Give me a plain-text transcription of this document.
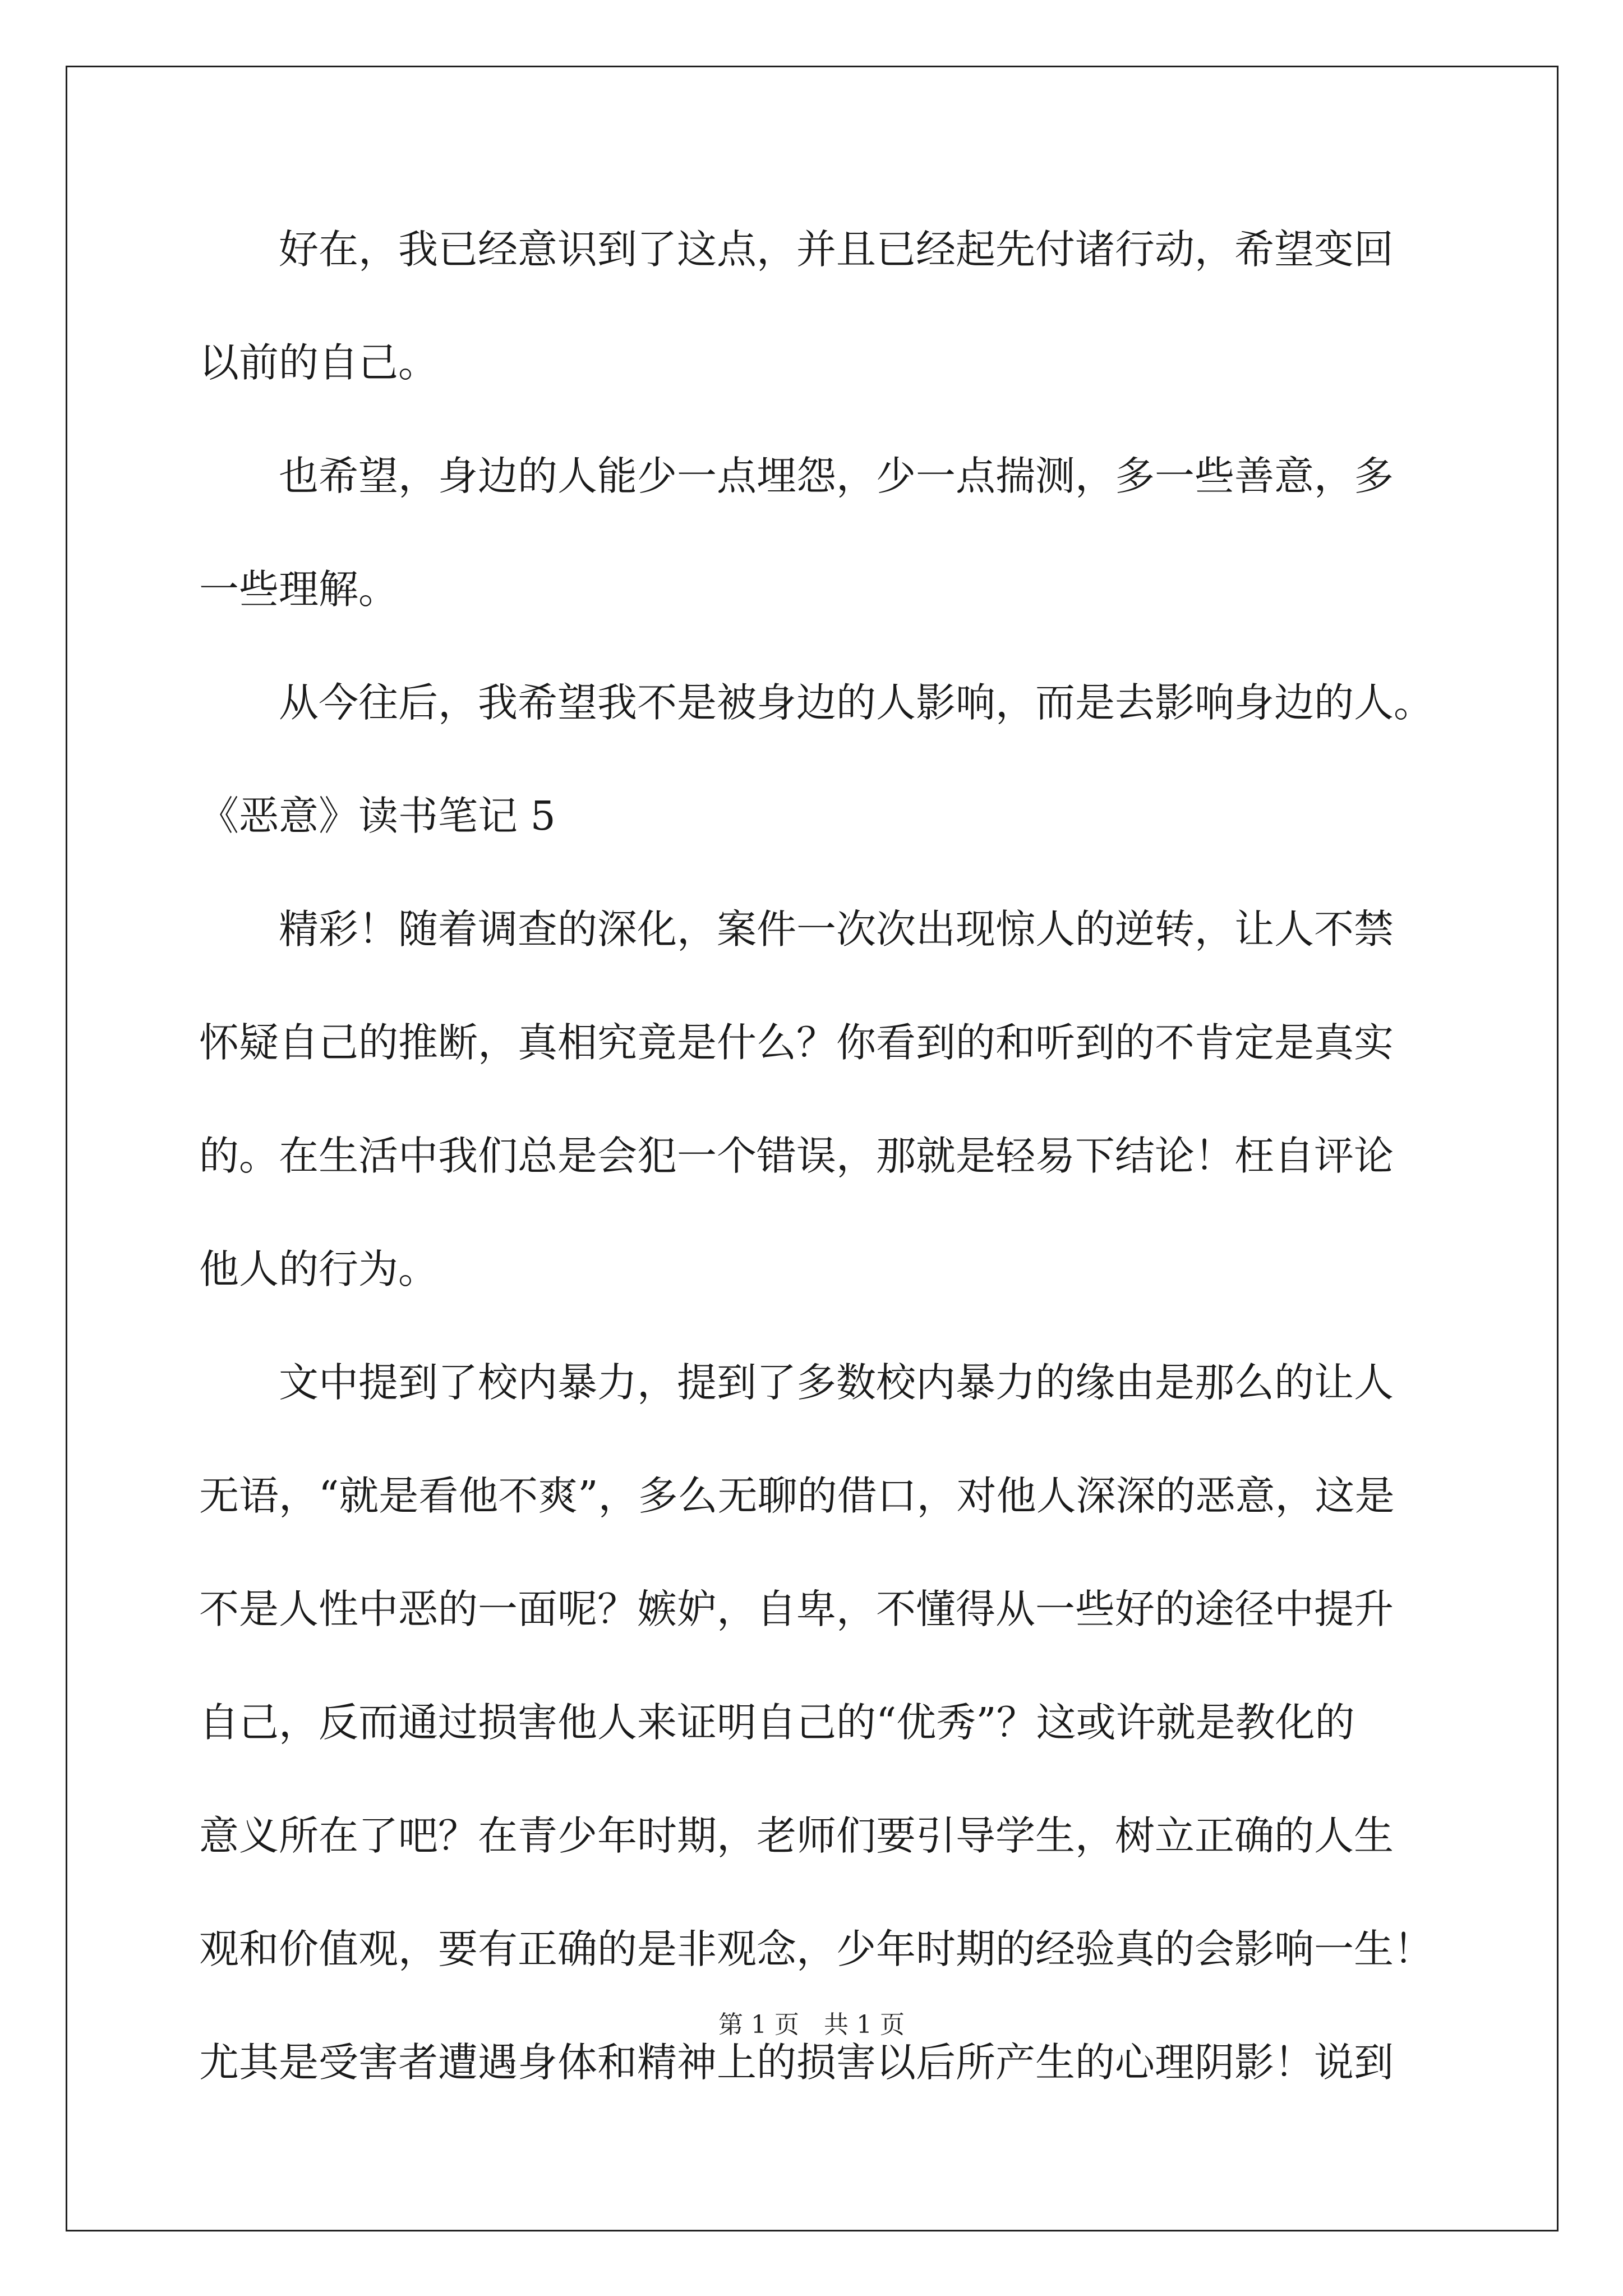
好在，我已经意识到了这点，并且已经起先付诸行动，希望变回
以前的自己。
也希望，身边的人能少一点埋怨，少一点揣测，多一些善意，多
一些理解。
从今往后，我希望我不是被身边的人影响，而是去影响身边的人。
《恶意》读书笔记 5
精彩！随着调查的深化，案件一次次出现惊人的逆转，让人不禁
怀疑自己的推断，真相究竟是什么？你看到的和听到的不肯定是真实
的。在生活中我们总是会犯一个错误，那就是轻易下结论！枉自评论
他人的行为。
文中提到了校内暴力，提到了多数校内暴力的缘由是那么的让人
无语，“就是看他不爽”，多么无聊的借口，对他人深深的恶意，这是
不是人性中恶的一面呢？嫉妒，自卑，不懂得从一些好的途径中提升
自己，反而通过损害他人来证明自己的“优秀”？这或许就是教化的
意义所在了吧？在青少年时期，老师们要引导学生，树立正确的人生
观和价值观，要有正确的是非观念，少年时期的经验真的会影响一生！
尤其是受害者遭遇身体和精神上的损害以后所产生的心理阴影！说到
第 1 页　共 1 页
